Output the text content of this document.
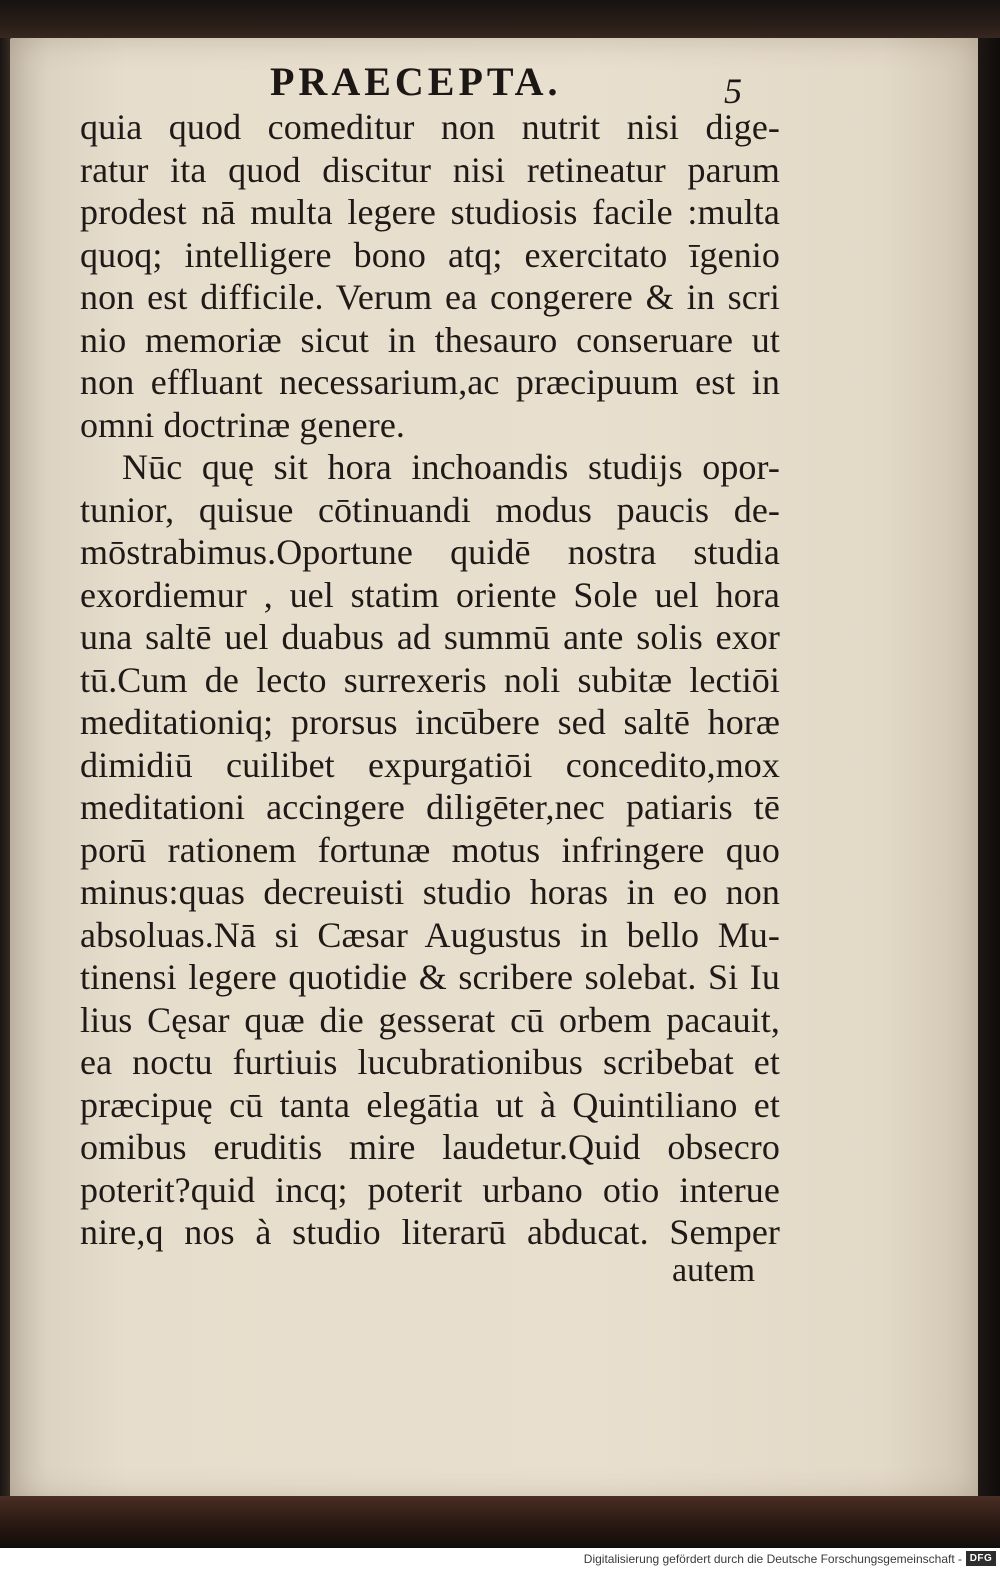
PRAECEPTA.	5
quia quod comeditur non nutrit nisi dige-
ratur ita quod discitur nisi retineatur parum
prodest nā multa legere studiosis facile :multa
quoq; intelligere bono atq; exercitato īgenio
non est difficile. Verum ea congerere & in scri
nio memoriæ sicut in thesauro conseruare ut
non effluant necessarium,ac præcipuum est in
omni doctrinæ genere.
Nūc quę sit hora inchoandis studijs opor-
tunior, quisue cōtinuandi modus paucis de-
mōstrabimus.Oportune quidē nostra studia
exordiemur , uel statim oriente Sole uel hora
una saltē uel duabus ad summū ante solis exor
tū.Cum de lecto surrexeris noli subitæ lectiōi
meditationiq; prorsus incūbere sed saltē horæ
dimidiū cuilibet expurgatiōi concedito,mox
meditationi accingere diligēter,nec patiaris tē
porū rationem fortunæ motus infringere quo
minus:quas decreuisti studio horas in eo non
absoluas.Nā si Cæsar Augustus in bello Mu-
tinensi legere quotidie & scribere solebat. Si Iu
lius Cęsar quæ die gesserat cū orbem pacauit,
ea noctu furtiuis lucubrationibus scribebat et
præcipuę cū tanta elegātia ut à Quintiliano et
omibus eruditis mire laudetur.Quid obsecro
poterit?quid incq; poterit urbano otio interue
nire,q nos à studio literarū abducat. Semper
autem
Digitalisierung gefördert durch die Deutsche Forschungsgemeinschaft - DFG
